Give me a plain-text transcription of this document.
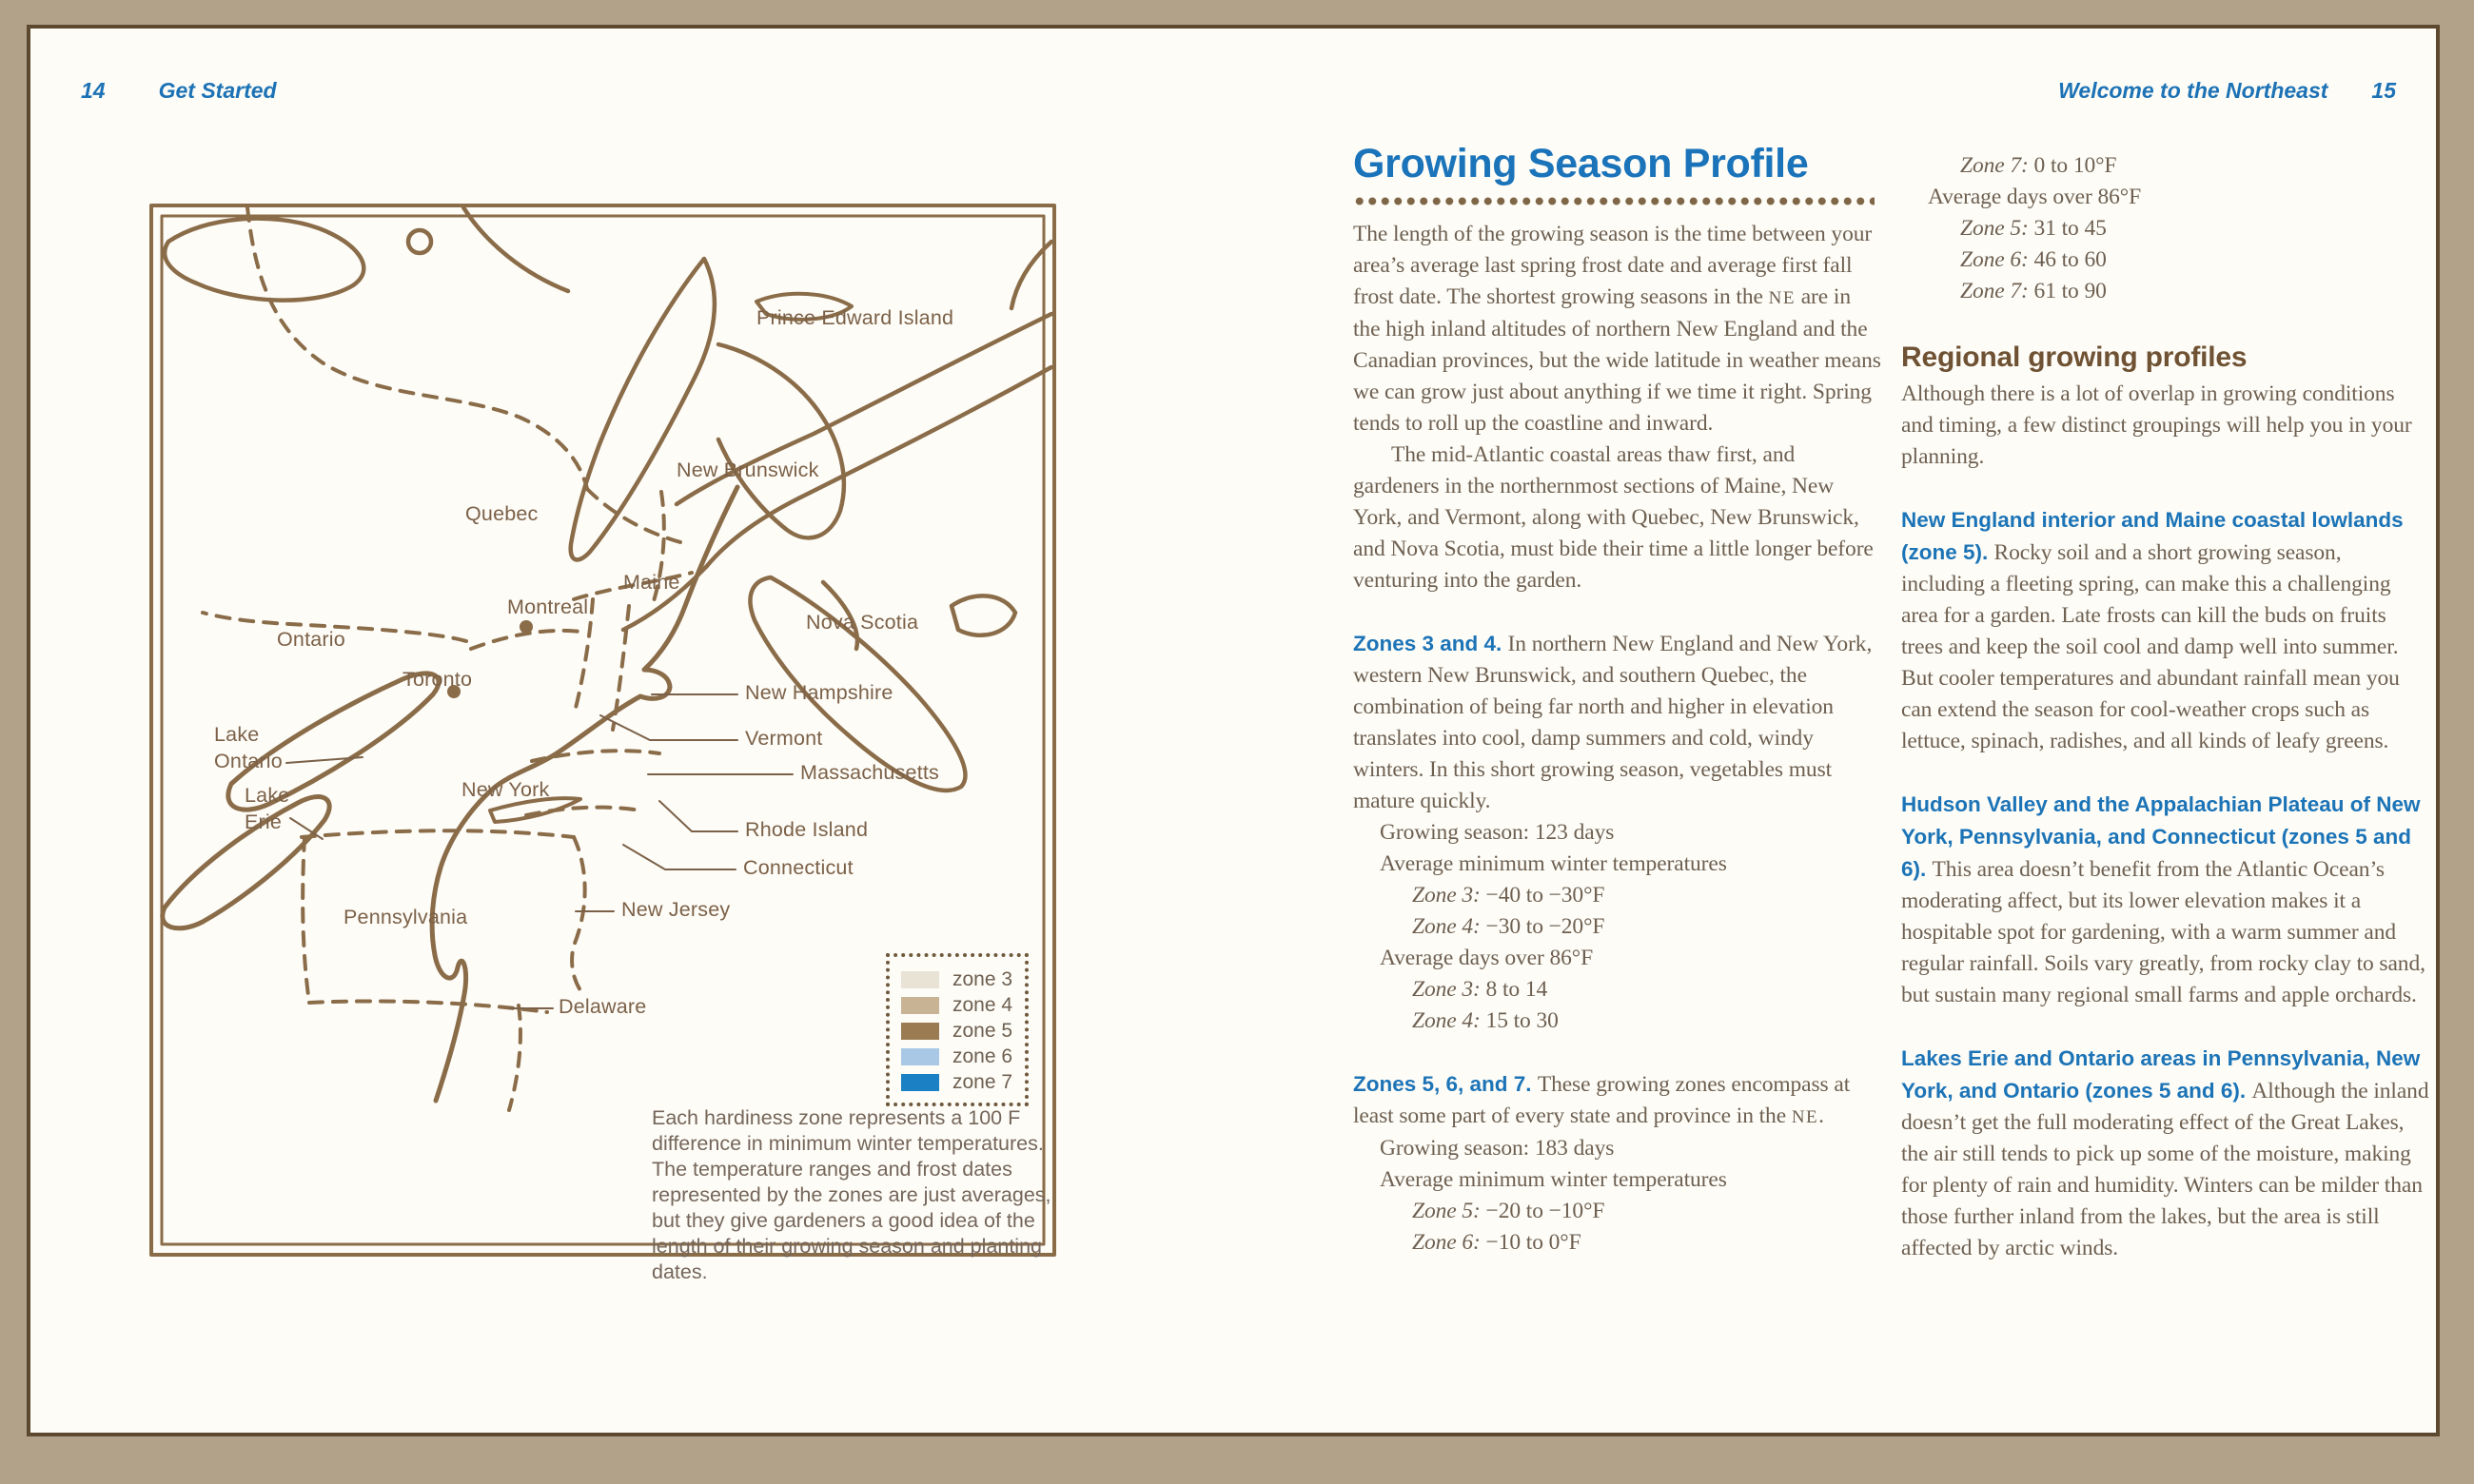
14 Get Started	Welcome to the Northeast 15
Prince Edward Island
New Brunswick
Quebec
Maine
Montreal
Ontario
Toronto
Nova Scotia
New Hampshire
Vermont
Massachusetts
Lake
Ontario
New York
Lake
Erie	Rhode Island
Connecticut
Pennsylvania	New Jersey
Delaware
zone 3
zone 4
zone 5
zone 6
zone 7
Each hardiness zone represents a 100 F difference in minimum winter temperatures. The temperature ranges and frost dates represented by the zones are just averages, but they give gardeners a good idea of the length of their growing season and planting dates.
Growing Season Profile

The length of the growing season is the time between your area’s average last spring frost date and average first fall frost date. The shortest growing seasons in the NE are in the high inland altitudes of northern New England and the Canadian provinces, but the wide latitude in weather means we can grow just about anything if we time it right. Spring tends to roll up the coastline and inward.

The mid-Atlantic coastal areas thaw first, and gardeners in the northernmost sections of Maine, New York, and Vermont, along with Quebec, New Brunswick, and Nova Scotia, must bide their time a little longer before venturing into the garden.

Zones 3 and 4. In northern New England and New York, western New Brunswick, and southern Quebec, the combination of being far north and higher in elevation translates into cool, damp summers and cold, windy winters. In this short growing season, vegetables must mature quickly.

Growing season: 123 days
Average minimum winter temperatures
Zone 3: −40 to −30°F
Zone 4: −30 to −20°F
Average days over 86°F
Zone 3: 8 to 14
Zone 4: 15 to 30

Zones 5, 6, and 7. These growing zones encompass at least some part of every state and province in the NE.

Growing season: 183 days
Average minimum winter temperatures
Zone 5: −20 to −10°F
Zone 6: −10 to 0°F
Zone 7: 0 to 10°F
Average days over 86°F
Zone 5: 31 to 45
Zone 6: 46 to 60
Zone 7: 61 to 90
Regional growing profiles

Although there is a lot of overlap in growing conditions and timing, a few distinct groupings will help you in your planning.

New England interior and Maine coastal lowlands (zone 5). Rocky soil and a short growing season, including a fleeting spring, can make this a challenging area for a garden. Late frosts can kill the buds on fruits trees and keep the soil cool and damp well into summer. But cooler temperatures and abundant rainfall mean you can extend the season for cool-weather crops such as lettuce, spinach, radishes, and all kinds of leafy greens.

Hudson Valley and the Appalachian Plateau of New York, Pennsylvania, and Connecticut (zones 5 and 6). This area doesn’t benefit from the Atlantic Ocean’s moderating affect, but its lower elevation makes it a hospitable spot for gardening, with a warm summer and regular rainfall. Soils vary greatly, from rocky clay to sand, but sustain many regional small farms and apple orchards.

Lakes Erie and Ontario areas in Pennsylvania, New York, and Ontario (zones 5 and 6). Although the inland doesn’t get the full moderating effect of the Great Lakes, the air still tends to pick up some of the moisture, making for plenty of rain and humidity. Winters can be milder than those further inland from the lakes, but the area is still affected by arctic winds.
